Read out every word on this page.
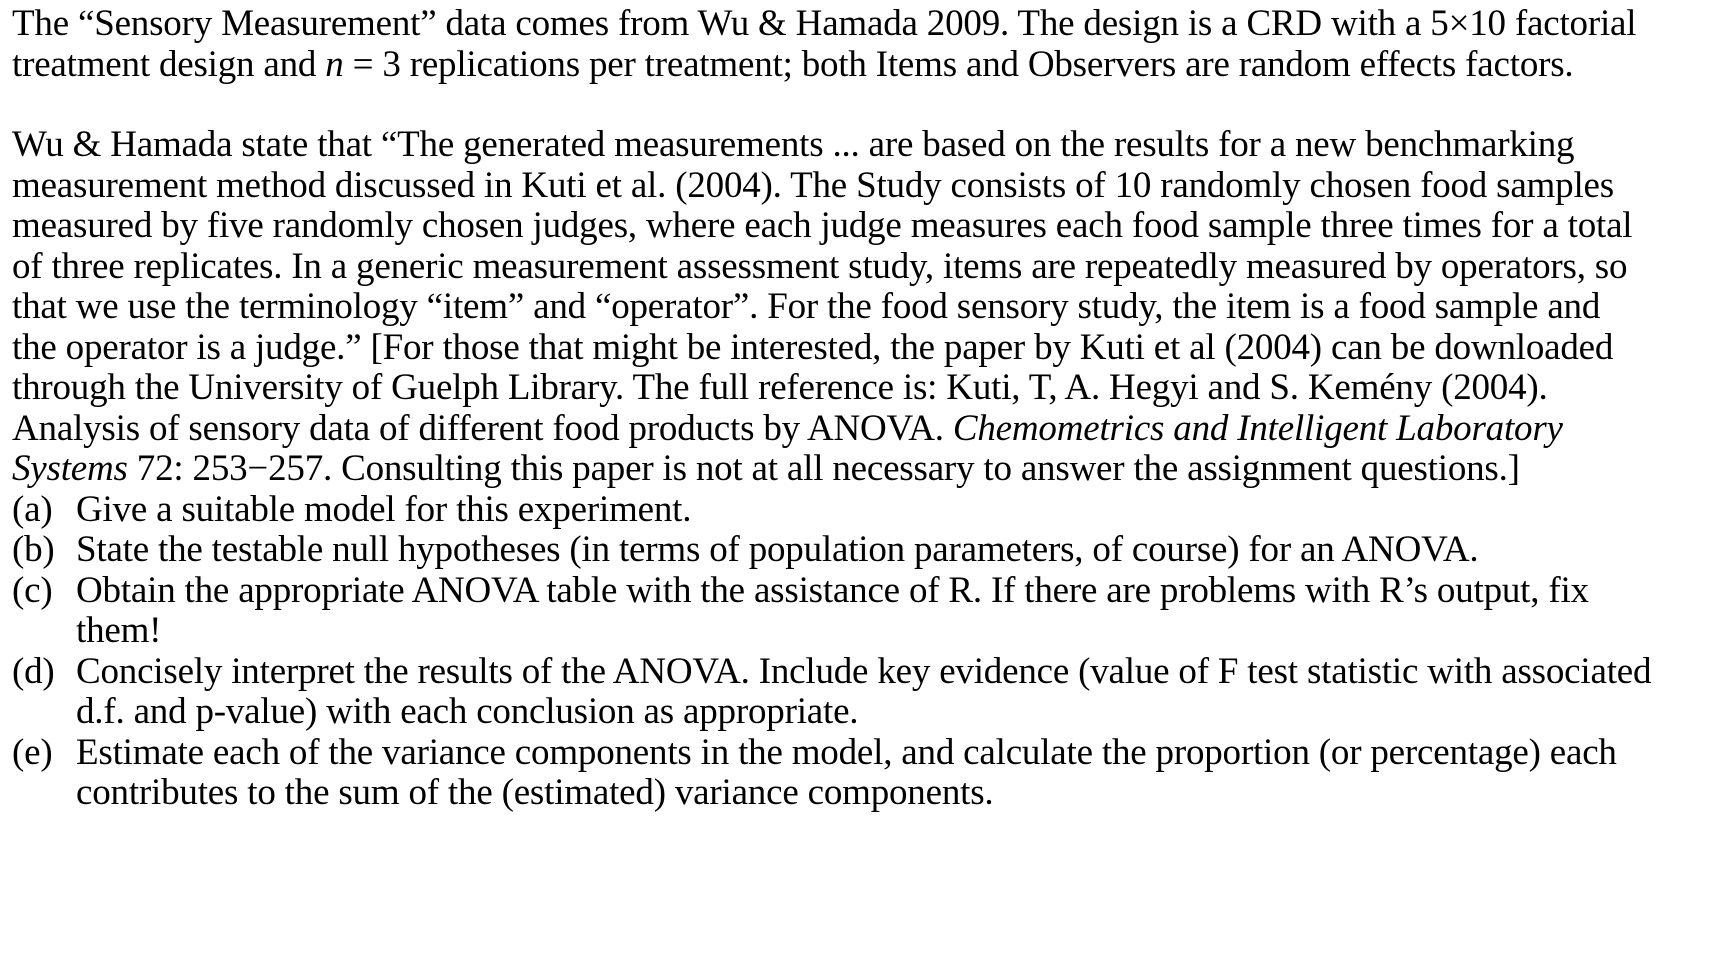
The “Sensory Measurement” data comes from Wu & Hamada 2009. The design is a CRD with a 5×10 factorial treatment design and n = 3 replications per treatment; both Items and Observers are random effects factors.

Wu & Hamada state that “The generated measurements ... are based on the results for a new benchmarking measurement method discussed in Kuti et al. (2004). The Study consists of 10 randomly chosen food samples measured by five randomly chosen judges, where each judge measures each food sample three times for a total of three replicates. In a generic measurement assessment study, items are repeatedly measured by operators, so that we use the terminology “item” and “operator”. For the food sensory study, the item is a food sample and the operator is a judge.” [For those that might be interested, the paper by Kuti et al (2004) can be downloaded through the University of Guelph Library. The full reference is: Kuti, T, A. Hegyi and S. Kemény (2004). Analysis of sensory data of different food products by ANOVA. Chemometrics and Intelligent Laboratory Systems 72: 253−257. Consulting this paper is not at all necessary to answer the assignment questions.]

(a) Give a suitable model for this experiment.
(b) State the testable null hypotheses (in terms of population parameters, of course) for an ANOVA.
(c) Obtain the appropriate ANOVA table with the assistance of R. If there are problems with R’s output, fix them!
(d) Concisely interpret the results of the ANOVA. Include key evidence (value of F test statistic with associated d.f. and p-value) with each conclusion as appropriate.
(e) Estimate each of the variance components in the model, and calculate the proportion (or percentage) each contributes to the sum of the (estimated) variance components.
